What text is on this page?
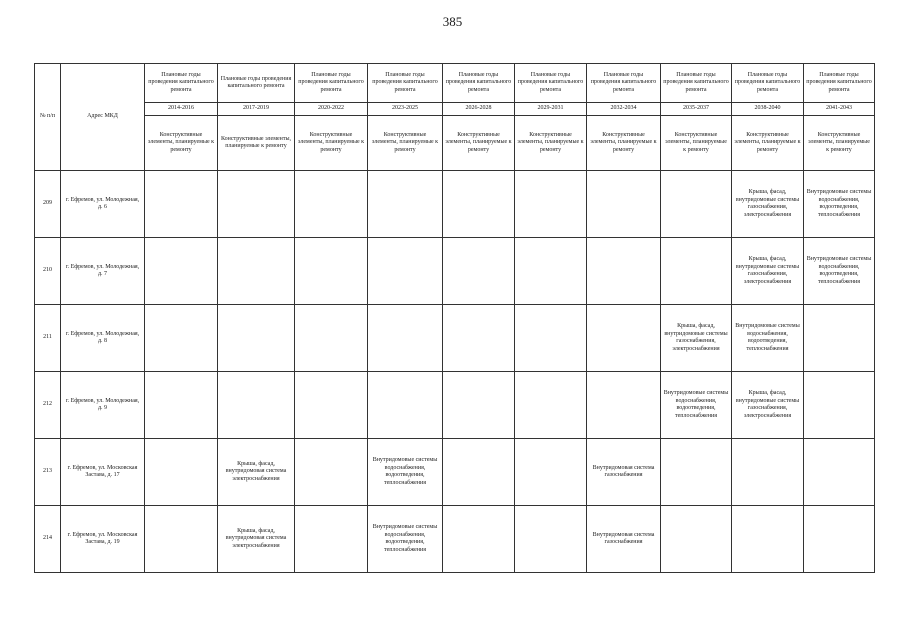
385
№ п/п	Адрес МКД	Плановые годы проведения капитального ремонта	Плановые годы проведения капитального ремонта	Плановые годы проведения капитального ремонта	Плановые годы проведения капитального ремонта	Плановые годы проведения капитального ремонта	Плановые годы проведения капитального ремонта	Плановые годы проведения капитального ремонта	Плановые годы проведения капитального ремонта	Плановые годы проведения капитального ремонта	Плановые годы проведения капитального ремонта
		2014-2016	2017-2019	2020-2022	2023-2025	2026-2028	2029-2031	2032-2034	2035-2037	2038-2040	2041-2043
		Конструктивные элементы, планируемые к ремонту	Конструктивные элементы, планируемые к ремонту	Конструктивные элементы, планируемые к ремонту	Конструктивные элементы, планируемые к ремонту	Конструктивные элементы, планируемые к ремонту	Конструктивные элементы, планируемые к ремонту	Конструктивные элементы, планируемые к ремонту	Конструктивные элементы, планируемые к ремонту	Конструктивные элементы, планируемые к ремонту	Конструктивные элементы, планируемые к ремонту
209	г. Ефремов, ул. Молодежная, д. 6									Крыша, фасад, внутридомовые системы газоснабжения, электроснабжения	Внутридомовые системы водоснабжения, водоотведения, теплоснабжения
210	г. Ефремов, ул. Молодежная, д. 7									Крыша, фасад, внутридомовые системы газоснабжения, электроснабжения	Внутридомовые системы водоснабжения, водоотведения, теплоснабжения
211	г. Ефремов, ул. Молодежная, д. 8								Крыша, фасад, внутридомовые системы газоснабжения, электроснабжения	Внутридомовые системы водоснабжения, водоотведения, теплоснабжения	
212	г. Ефремов, ул. Молодежная, д. 9								Внутридомовые системы водоснабжения, водоотведения, теплоснабжения	Крыша, фасад, внутридомовые системы газоснабжения, электроснабжения	
213	г. Ефремов, ул. Московская Застава, д. 17		Крыша, фасад, внутридомовая система электроснабжения		Внутридомовые системы водоснабжения, водоотведения, теплоснабжения			Внутридомовая система газоснабжения			
214	г. Ефремов, ул. Московская Застава, д. 19		Крыша, фасад, внутридомовая система электроснабжения		Внутридомовые системы водоснабжения, водоотведения, теплоснабжения			Внутридомовая система газоснабжения			
